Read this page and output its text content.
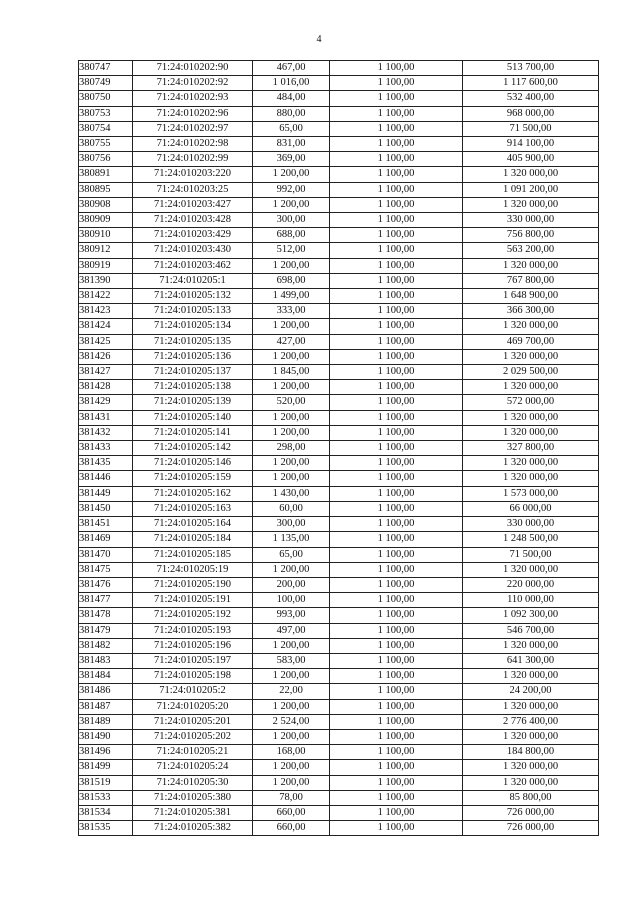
4
380747	71:24:010202:90	467,00	1 100,00	513 700,00
380749	71:24:010202:92	1 016,00	1 100,00	1 117 600,00
380750	71:24:010202:93	484,00	1 100,00	532 400,00
380753	71:24:010202:96	880,00	1 100,00	968 000,00
380754	71:24:010202:97	65,00	1 100,00	71 500,00
380755	71:24:010202:98	831,00	1 100,00	914 100,00
380756	71:24:010202:99	369,00	1 100,00	405 900,00
380891	71:24:010203:220	1 200,00	1 100,00	1 320 000,00
380895	71:24:010203:25	992,00	1 100,00	1 091 200,00
380908	71:24:010203:427	1 200,00	1 100,00	1 320 000,00
380909	71:24:010203:428	300,00	1 100,00	330 000,00
380910	71:24:010203:429	688,00	1 100,00	756 800,00
380912	71:24:010203:430	512,00	1 100,00	563 200,00
380919	71:24:010203:462	1 200,00	1 100,00	1 320 000,00
381390	71:24:010205:1	698,00	1 100,00	767 800,00
381422	71:24:010205:132	1 499,00	1 100,00	1 648 900,00
381423	71:24:010205:133	333,00	1 100,00	366 300,00
381424	71:24:010205:134	1 200,00	1 100,00	1 320 000,00
381425	71:24:010205:135	427,00	1 100,00	469 700,00
381426	71:24:010205:136	1 200,00	1 100,00	1 320 000,00
381427	71:24:010205:137	1 845,00	1 100,00	2 029 500,00
381428	71:24:010205:138	1 200,00	1 100,00	1 320 000,00
381429	71:24:010205:139	520,00	1 100,00	572 000,00
381431	71:24:010205:140	1 200,00	1 100,00	1 320 000,00
381432	71:24:010205:141	1 200,00	1 100,00	1 320 000,00
381433	71:24:010205:142	298,00	1 100,00	327 800,00
381435	71:24:010205:146	1 200,00	1 100,00	1 320 000,00
381446	71:24:010205:159	1 200,00	1 100,00	1 320 000,00
381449	71:24:010205:162	1 430,00	1 100,00	1 573 000,00
381450	71:24:010205:163	60,00	1 100,00	66 000,00
381451	71:24:010205:164	300,00	1 100,00	330 000,00
381469	71:24:010205:184	1 135,00	1 100,00	1 248 500,00
381470	71:24:010205:185	65,00	1 100,00	71 500,00
381475	71:24:010205:19	1 200,00	1 100,00	1 320 000,00
381476	71:24:010205:190	200,00	1 100,00	220 000,00
381477	71:24:010205:191	100,00	1 100,00	110 000,00
381478	71:24:010205:192	993,00	1 100,00	1 092 300,00
381479	71:24:010205:193	497,00	1 100,00	546 700,00
381482	71:24:010205:196	1 200,00	1 100,00	1 320 000,00
381483	71:24:010205:197	583,00	1 100,00	641 300,00
381484	71:24:010205:198	1 200,00	1 100,00	1 320 000,00
381486	71:24:010205:2	22,00	1 100,00	24 200,00
381487	71:24:010205:20	1 200,00	1 100,00	1 320 000,00
381489	71:24:010205:201	2 524,00	1 100,00	2 776 400,00
381490	71:24:010205:202	1 200,00	1 100,00	1 320 000,00
381496	71:24:010205:21	168,00	1 100,00	184 800,00
381499	71:24:010205:24	1 200,00	1 100,00	1 320 000,00
381519	71:24:010205:30	1 200,00	1 100,00	1 320 000,00
381533	71:24:010205:380	78,00	1 100,00	85 800,00
381534	71:24:010205:381	660,00	1 100,00	726 000,00
381535	71:24:010205:382	660,00	1 100,00	726 000,00
